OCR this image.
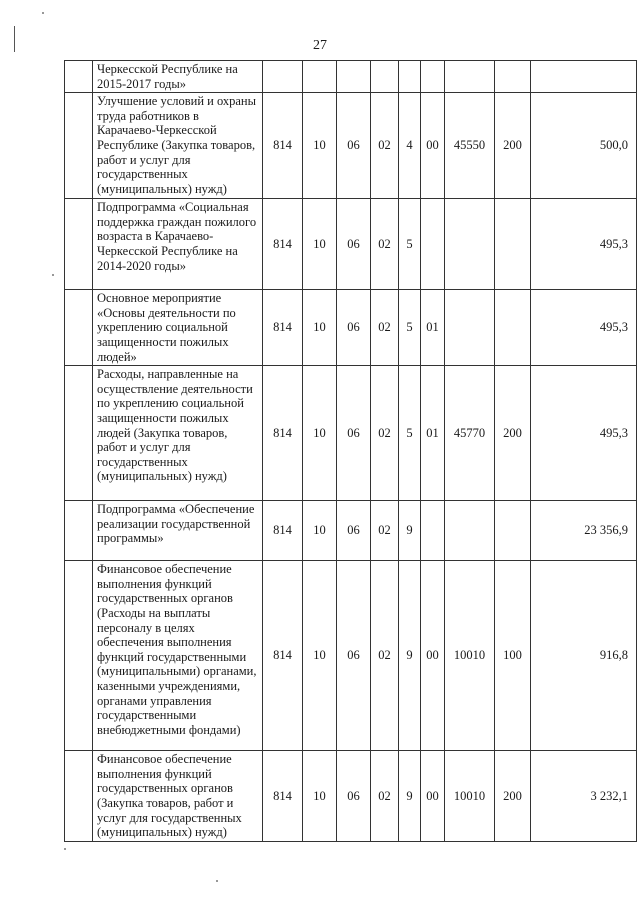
27
	Черкесской Республике на 2015-2017 годы»									
	Улучшение условий и охраны труда работников в Карачаево-Черкесской Республике (Закупка товаров, работ и услуг для государственных (муниципальных) нужд)	814	10	06	02	4	00	45550	200	500,0
	Подпрограмма «Социальная поддержка граждан пожилого возраста в Карачаево-Черкесской Республике на 2014-2020 годы»	814	10	06	02	5				495,3
	Основное мероприятие «Основы деятельности по укреплению социальной защищенности пожилых людей»	814	10	06	02	5	01			495,3
	Расходы, направленные на осуществление деятельности по укреплению социальной защищенности пожилых людей (Закупка товаров, работ и услуг для государственных (муниципальных) нужд)	814	10	06	02	5	01	45770	200	495,3
	Подпрограмма «Обеспечение реализации государственной программы»	814	10	06	02	9				23 356,9
	Финансовое обеспечение выполнения функций государственных органов (Расходы на выплаты персоналу в целях обеспечения выполнения функций государственными (муниципальными) органами, казенными учреждениями, органами управления государственными внебюджетными фондами)	814	10	06	02	9	00	10010	100	916,8
	Финансовое обеспечение выполнения функций государственных органов (Закупка товаров, работ и услуг для государственных (муниципальных) нужд)	814	10	06	02	9	00	10010	200	3 232,1
